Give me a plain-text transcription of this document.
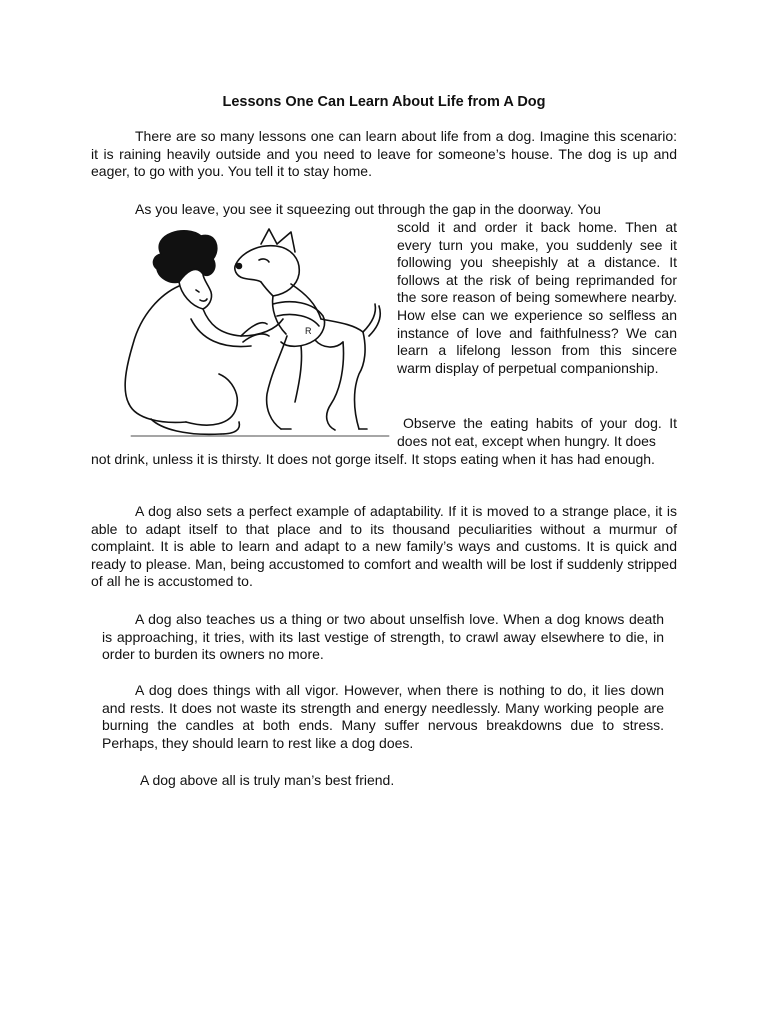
Lessons One Can Learn About Life from A Dog

There are so many lessons one can learn about life from a dog. Imagine this scenario: it is raining heavily outside and you need to leave for someone’s house. The dog is up and eager, to go with you. You tell it to stay home.

As you leave, you see it squeezing out through the gap in the doorway. You

R
scold it and order it back home. Then at every turn you make, you suddenly see it following you sheepishly at a distance. It follows at the risk of being reprimanded for the sore reason of being somewhere nearby. How else can we experience so selfless an instance of love and faithfulness? We can learn a lifelong lesson from this sincere warm display of perpetual companionship.
Observe the eating habits of your dog. It does not eat, except when hungry. It does

not drink, unless it is thirsty. It does not gorge itself. It stops eating when it has had enough.

A dog also sets a perfect example of adaptability. If it is moved to a strange place, it is able to adapt itself to that place and to its thousand peculiarities without a murmur of complaint. It is able to learn and adapt to a new family’s ways and customs. It is quick and ready to please. Man, being accustomed to comfort and wealth will be lost if suddenly stripped of all he is accustomed to.

A dog also teaches us a thing or two about unselfish love. When a dog knows death is approaching, it tries, with its last vestige of strength, to crawl away elsewhere to die, in order to burden its owners no more.

A dog does things with all vigor. However, when there is nothing to do, it lies down and rests. It does not waste its strength and energy needlessly. Many working people are burning the candles at both ends. Many suffer nervous breakdowns due to stress. Perhaps, they should learn to rest like a dog does.

A dog above all is truly man’s best friend.
